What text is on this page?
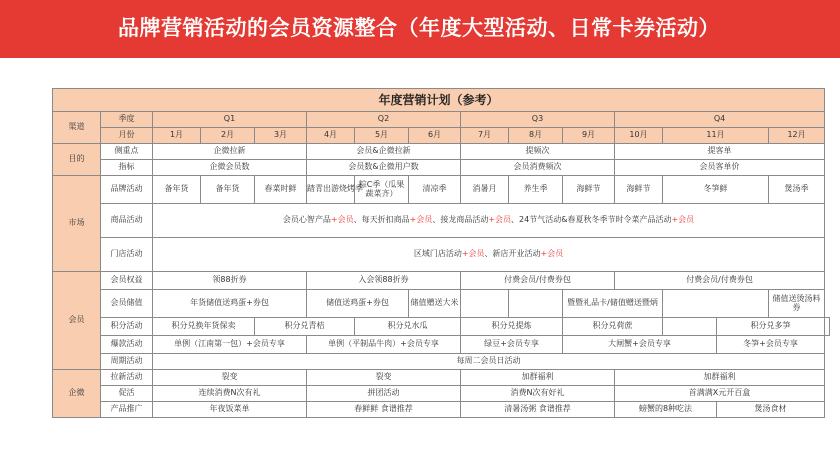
品牌营销活动的会员资源整合（年度大型活动、日常卡券活动）
年度营销计划（参考）															
渠道	季度	Q1			Q2			Q3			Q4				
	月份	1月	2月	3月	4月	5月	6月	7月	8月	9月	10月	11月		12月	
目的	侧重点	企微拉新			会员&企微拉新			提频次			提客单				
	指标	企微会员数			会员数&企微用户数			会员消费频次			会员客单价				
市场	品牌活动	备年货	备年货	春菜时鲜	踏青出游烧烤季	粽C季（瓜果蔬菜齐）	清凉季	消暑月	养生季	海鲜节	海鲜节	冬笋鲜		煲汤季	
	商品活动	会员心智产品+会员、每天折扣商品+会员、接龙商品活动+会员、24节气活动&春夏秋冬季节时令菜产品活动+会员													
	门店活动	区域门店活动+会员、新店开业活动+会员													
会员	会员权益	领88折券			入会领88折券			付费会员/付费券包			付费会员/付费券包				
	会员储值	年货储值送鸡蛋+券包			储值送鸡蛋+券包		储值赠送大米			暨暨礼品卡/储值赠送暨炳				储值送烫汤料券	
	积分活动	积分兑换年货保卖		积分兑青桔		积分兑水瓜		积分兑提炼		积分兑荷蔗			积分兑多笋		
	爆款活动	单例（江南第一包）+会员专享			单例（平制品牛肉）+会员专享			绿豆+会员专享		大闸蟹+会员专享			冬笋+会员专享		
	周期活动	每周二会员日活动													
企微	拉新活动	裂变			裂变			加群福利			加群福利				
	促活	连续消费N次有礼			拼团活动			消费N次有好礼			首满满X元开百盒				
	产品推广	年夜饭菜单			春鲜鲜 食谱推荐			清暑汤粥 食谱推荐			螃蟹的8种吃法		煲汤食材		
